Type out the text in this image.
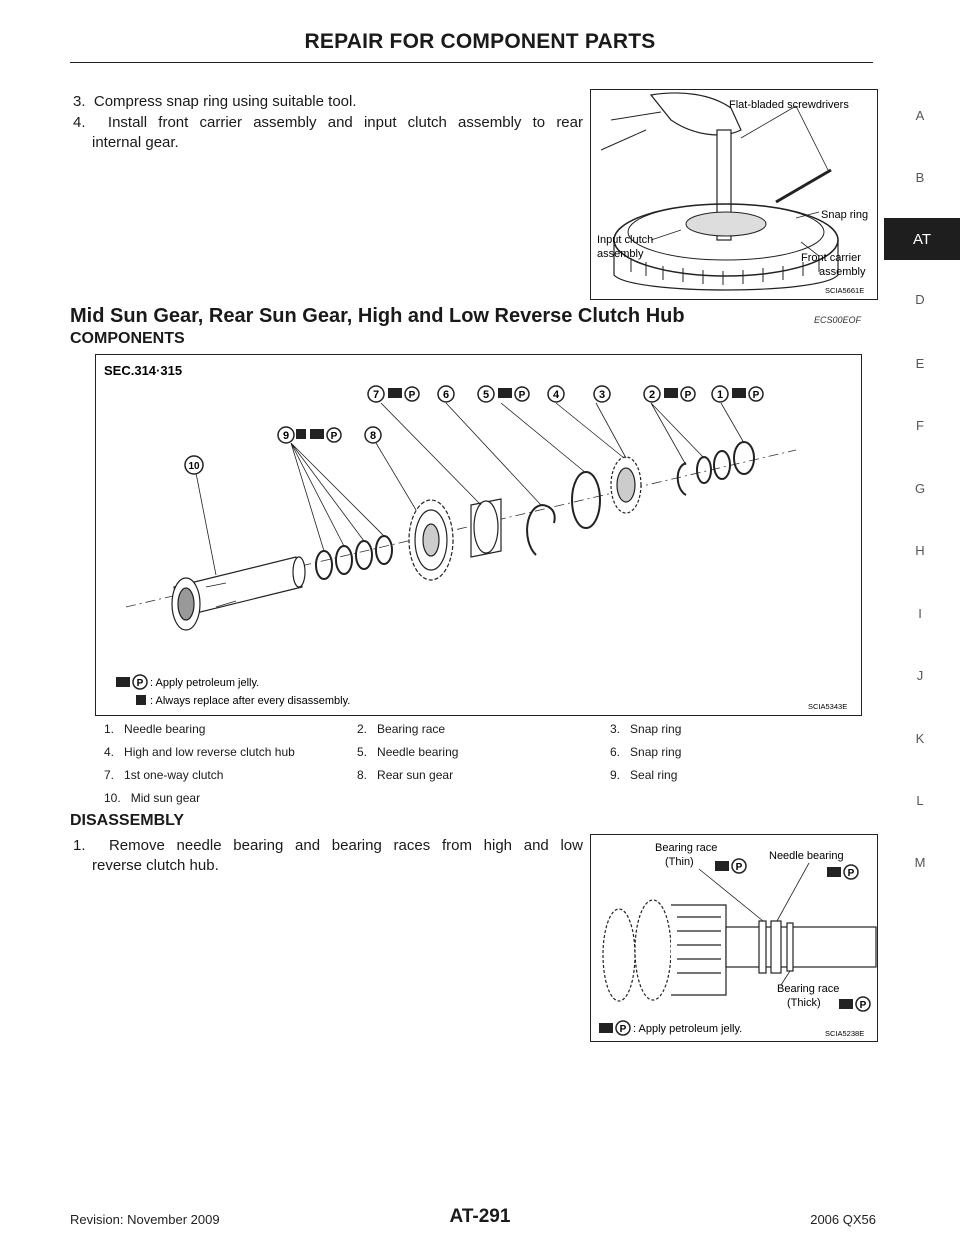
REPAIR FOR COMPONENT PARTS
3. Compress snap ring using suitable tool.
4. Install front carrier assembly and input clutch assembly to rear
internal gear.
Flat-bladed screwdrivers
Snap ring
Input clutch
assembly	Front carrier
assembly
SCIA5661E
Mid Sun Gear, Rear Sun Gear, High and Low Reverse Clutch Hub	ECS00EOF
COMPONENTS
SEC.314·315
7	6	5	4	3	2	1
9	8
10
P	P	P	P
P
P : Apply petroleum jelly.
: Always replace after every disassembly.	SCIA5343E
1. Needle bearing	2. Bearing race	3. Snap ring
4. High and low reverse clutch hub	5. Needle bearing	6. Snap ring
7. 1st one-way clutch	8. Rear sun gear	9. Seal ring
10. Mid sun gear
DISASSEMBLY
1. Remove needle bearing and bearing races from high and low
reverse clutch hub.
Bearing race
(Thin)	Needle bearing
Bearing race
(Thick)
P
P
P
P : Apply petroleum jelly.	SCIA5238E
A
B
AT
D
E
F
G
H
I
J
K
L
M
Revision: November 2009	AT-291	2006 QX56
